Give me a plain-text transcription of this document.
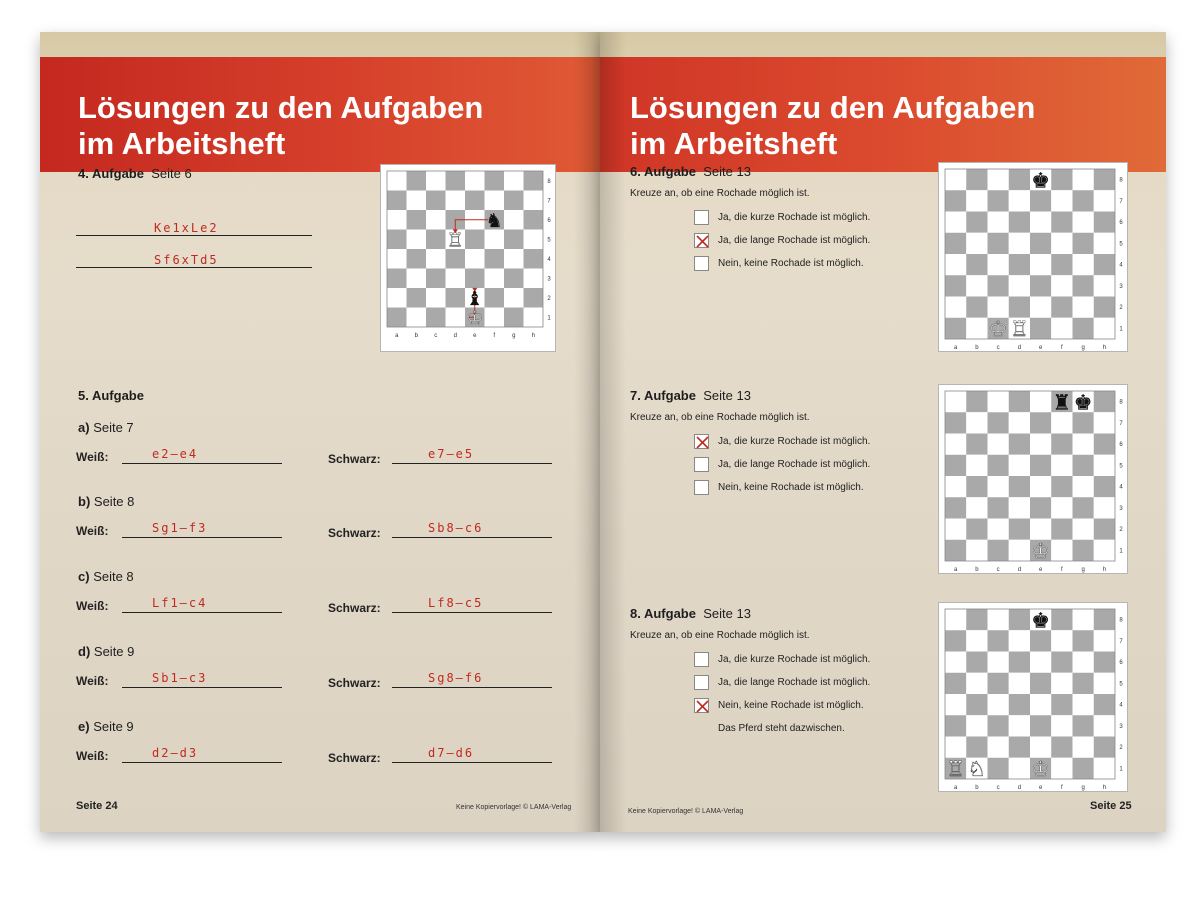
Lösungen zu den Aufgaben
im Arbeitsheft
4. Aufgabe Seite 6
Ke1xLe2
Sf6xTd5
a	b	c	d	e	f	g	h
8
7
6
5
4
3
2
1
♞
♖
♝
♔
5. Aufgabe
a) Seite 7
Weiß:	e2–e4	Schwarz:	e7–e5
b) Seite 8
Weiß:	Sg1–f3	Schwarz:	Sb8–c6
c) Seite 8
Weiß:	Lf1–c4	Schwarz:	Lf8–c5
d) Seite 9
Weiß:	Sb1–c3	Schwarz:	Sg8–f6
e) Seite 9
Weiß:	d2–d3	Schwarz:	d7–d6
Seite 24	Keine Kopiervorlage! © LAMA-Verlag
Lösungen zu den Aufgaben
im Arbeitsheft
6. Aufgabe Seite 13
Kreuze an, ob eine Rochade möglich ist.
Ja, die kurze Rochade ist möglich.
Ja, die lange Rochade ist möglich.
Nein, keine Rochade ist möglich.
7. Aufgabe Seite 13
Kreuze an, ob eine Rochade möglich ist.
Ja, die kurze Rochade ist möglich.
Ja, die lange Rochade ist möglich.
Nein, keine Rochade ist möglich.
8. Aufgabe Seite 13
Kreuze an, ob eine Rochade möglich ist.
Ja, die kurze Rochade ist möglich.
Ja, die lange Rochade ist möglich.
Nein, keine Rochade ist möglich.
Das Pferd steht dazwischen.
a	b	c	d	e	f	g	h
8
7
6
5
4
3
2
1
♚
♔ ♖
a	b	c	d	e	f	g	h
8
7
6
5
4
3
2
1
♜ ♚
♔
a	b	c	d	e	f	g	h
8
7
6
5
4
3
2
1
♚
♖ ♘ ♔
Keine Kopiervorlage! © LAMA-Verlag	Seite 25
